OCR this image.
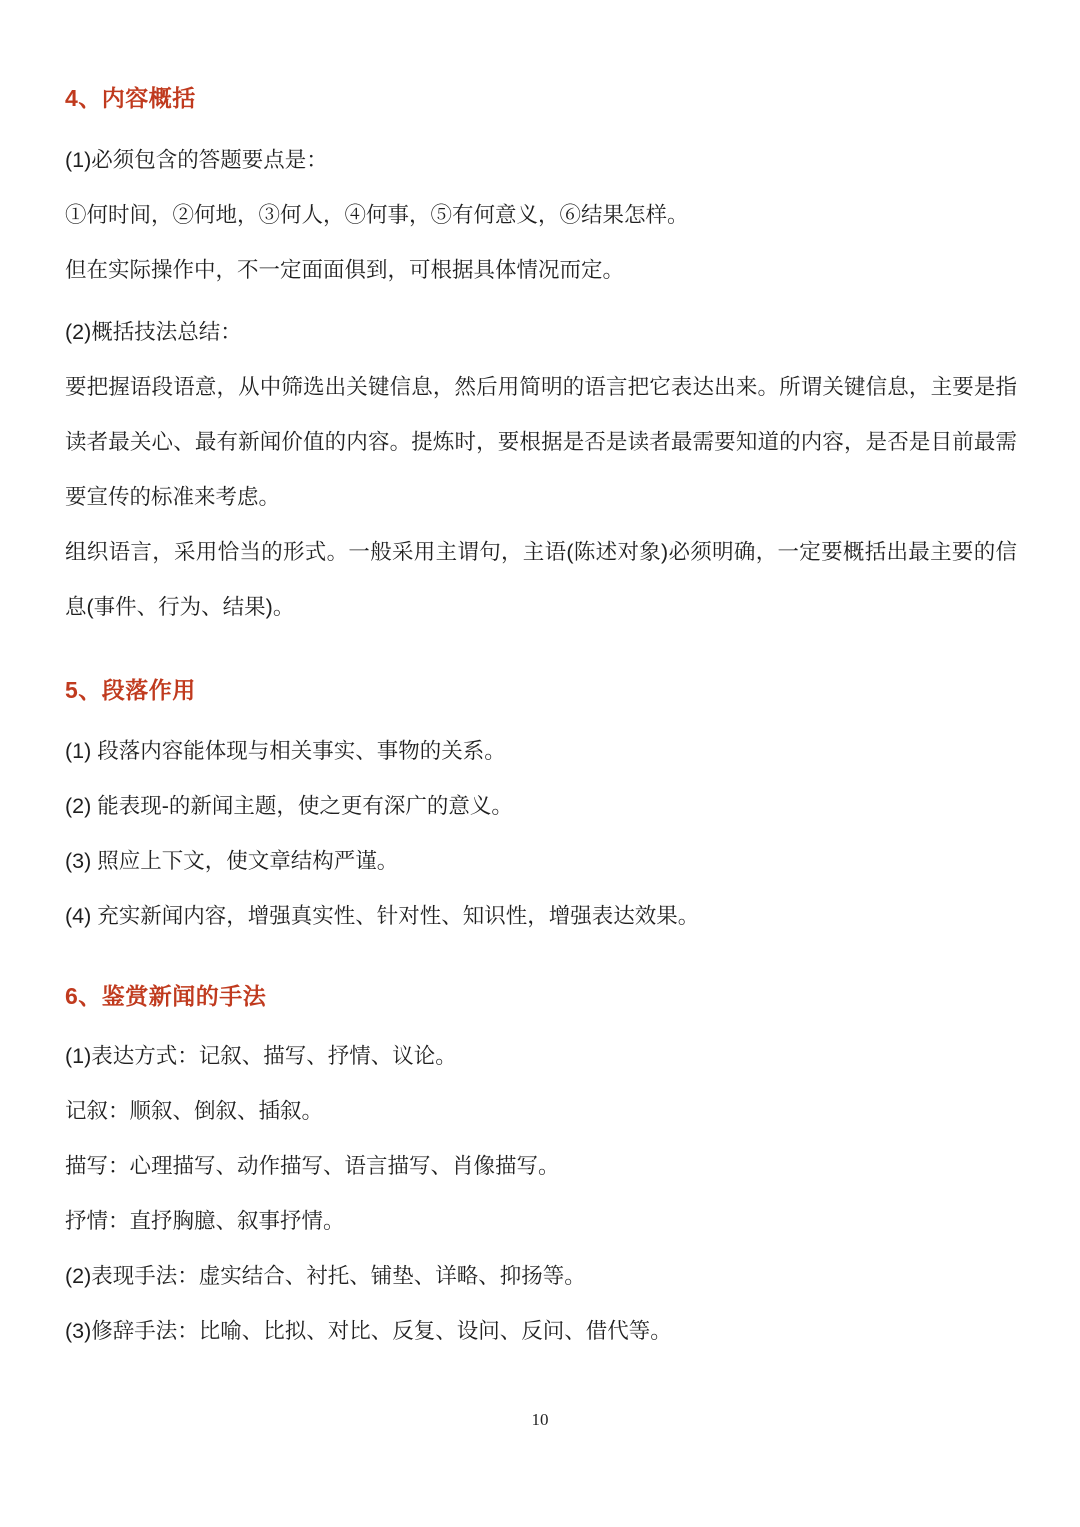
4、内容概括

(1)必须包含的答题要点是：

①何时间，②何地，③何人，④何事，⑤有何意义，⑥结果怎样。

但在实际操作中，不一定面面俱到，可根据具体情况而定。

(2)概括技法总结：

要把握语段语意，从中筛选出关键信息，然后用简明的语言把它表达出来。所谓关键信息，主要是指读者最关心、最有新闻价值的内容。提炼时，要根据是否是读者最需要知道的内容，是否是目前最需要宣传的标准来考虑。

组织语言，采用恰当的形式。一般采用主谓句，主语(陈述对象)必须明确，一定要概括出最主要的信息(事件、行为、结果)。

5、段落作用

(1) 段落内容能体现与相关事实、事物的关系。

(2) 能表现-的新闻主题，使之更有深广的意义。

(3) 照应上下文，使文章结构严谨。

(4) 充实新闻内容，增强真实性、针对性、知识性，增强表达效果。

6、鉴赏新闻的手法

(1)表达方式：记叙、描写、抒情、议论。

记叙：顺叙、倒叙、插叙。

描写：心理描写、动作描写、语言描写、肖像描写。

抒情：直抒胸臆、叙事抒情。

(2)表现手法：虚实结合、衬托、铺垫、详略、抑扬等。

(3)修辞手法：比喻、比拟、对比、反复、设问、反问、借代等。

10
